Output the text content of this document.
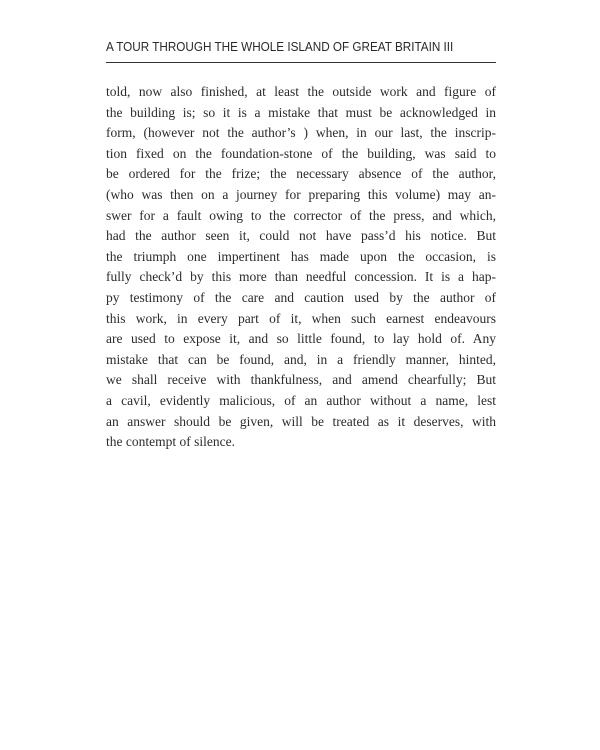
A TOUR THROUGH THE WHOLE ISLAND OF GREAT BRITAIN III
told, now also finished, at least the outside work and figure of
the building is; so it is a mistake that must be acknowledged in
form, (however not the author’s ) when, in our last, the inscrip-
tion fixed on the foundation-stone of the building, was said to
be ordered for the frize; the necessary absence of the author,
(who was then on a journey for preparing this volume) may an-
swer for a fault owing to the corrector of the press, and which,
had the author seen it, could not have pass’d his notice. But
the triumph one impertinent has made upon the occasion, is
fully check’d by this more than needful concession. It is a hap-
py testimony of the care and caution used by the author of
this work, in every part of it, when such earnest endeavours
are used to expose it, and so little found, to lay hold of. Any
mistake that can be found, and, in a friendly manner, hinted,
we shall receive with thankfulness, and amend chearfully; But
a cavil, evidently malicious, of an author without a name, lest
an answer should be given, will be treated as it deserves, with
the contempt of silence.
